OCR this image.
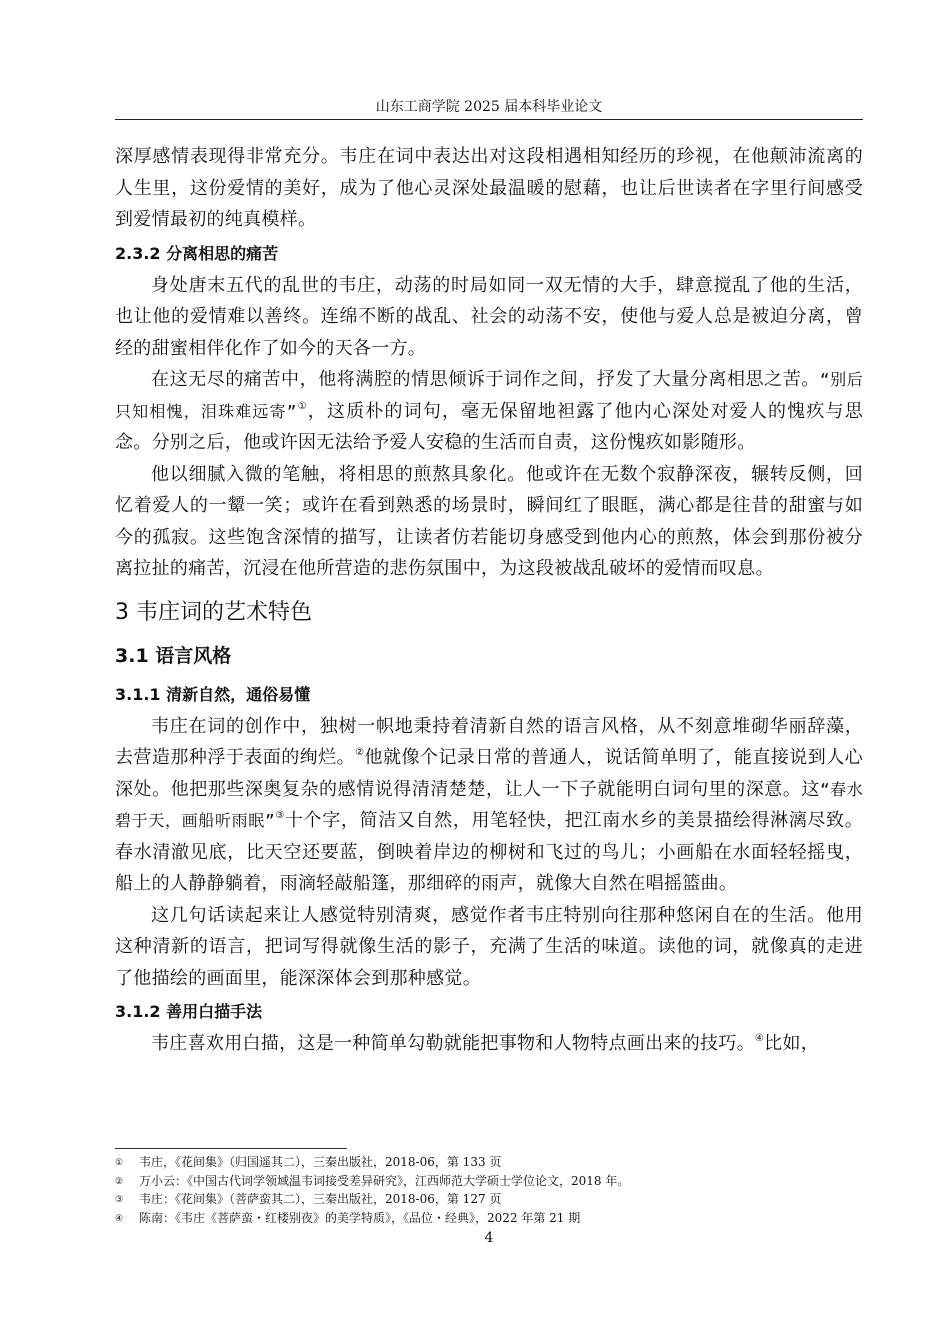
山东工商学院 2025 届本科毕业论文

深厚感情表现得非常充分。韦庄在词中表达出对这段相遇相知经历的珍视，在他颠沛流离的人生里，这份爱情的美好，成为了他心灵深处最温暖的慰藉，也让后世读者在字里行间感受到爱情最初的纯真模样。

2.3.2 分离相思的痛苦

身处唐末五代的乱世的韦庄，动荡的时局如同一双无情的大手，肆意搅乱了他的生活，也让他的爱情难以善终。连绵不断的战乱、社会的动荡不安，使他与爱人总是被迫分离，曾经的甜蜜相伴化作了如今的天各一方。

在这无尽的痛苦中，他将满腔的情思倾诉于词作之间，抒发了大量分离相思之苦。“别后只知相愧，泪珠难远寄”①，这质朴的词句，毫无保留地袒露了他内心深处对爱人的愧疚与思念。分别之后，他或许因无法给予爱人安稳的生活而自责，这份愧疚如影随形。

他以细腻入微的笔触，将相思的煎熬具象化。他或许在无数个寂静深夜，辗转反侧，回忆着爱人的一颦一笑；或许在看到熟悉的场景时，瞬间红了眼眶，满心都是往昔的甜蜜与如今的孤寂。这些饱含深情的描写，让读者仿若能切身感受到他内心的煎熬，体会到那份被分离拉扯的痛苦，沉浸在他所营造的悲伤氛围中，为这段被战乱破坏的爱情而叹息。

3 韦庄词的艺术特色
3.1 语言风格
3.1.1 清新自然，通俗易懂

韦庄在词的创作中，独树一帜地秉持着清新自然的语言风格，从不刻意堆砌华丽辞藻，去营造那种浮于表面的绚烂。②他就像个记录日常的普通人，说话简单明了，能直接说到人心深处。他把那些深奥复杂的感情说得清清楚楚，让人一下子就能明白词句里的深意。这“春水碧于天，画船听雨眠”③十个字，简洁又自然，用笔轻快，把江南水乡的美景描绘得淋漓尽致。春水清澈见底，比天空还要蓝，倒映着岸边的柳树和飞过的鸟儿；小画船在水面轻轻摇曳，船上的人静静躺着，雨滴轻敲船篷，那细碎的雨声，就像大自然在唱摇篮曲。

这几句话读起来让人感觉特别清爽，感觉作者韦庄特别向往那种悠闲自在的生活。他用这种清新的语言，把词写得就像生活的影子，充满了生活的味道。读他的词，就像真的走进了他描绘的画面里，能深深体会到那种感觉。

3.1.2 善用白描手法

韦庄喜欢用白描，这是一种简单勾勒就能把事物和人物特点画出来的技巧。④比如，

① 韦庄，《花间集》（归国遥其二），三秦出版社，2018-06，第 133 页
② 万小云：《中国古代词学领域温韦词接受差异研究》，江西师范大学硕士学位论文，2018 年。
③ 韦庄：《花间集》（菩萨蛮其二），三秦出版社，2018-06，第 127 页
④ 陈南：《韦庄《菩萨蛮・红楼别夜》的美学特质》，《品位・经典》，2022 年第 21 期
4
